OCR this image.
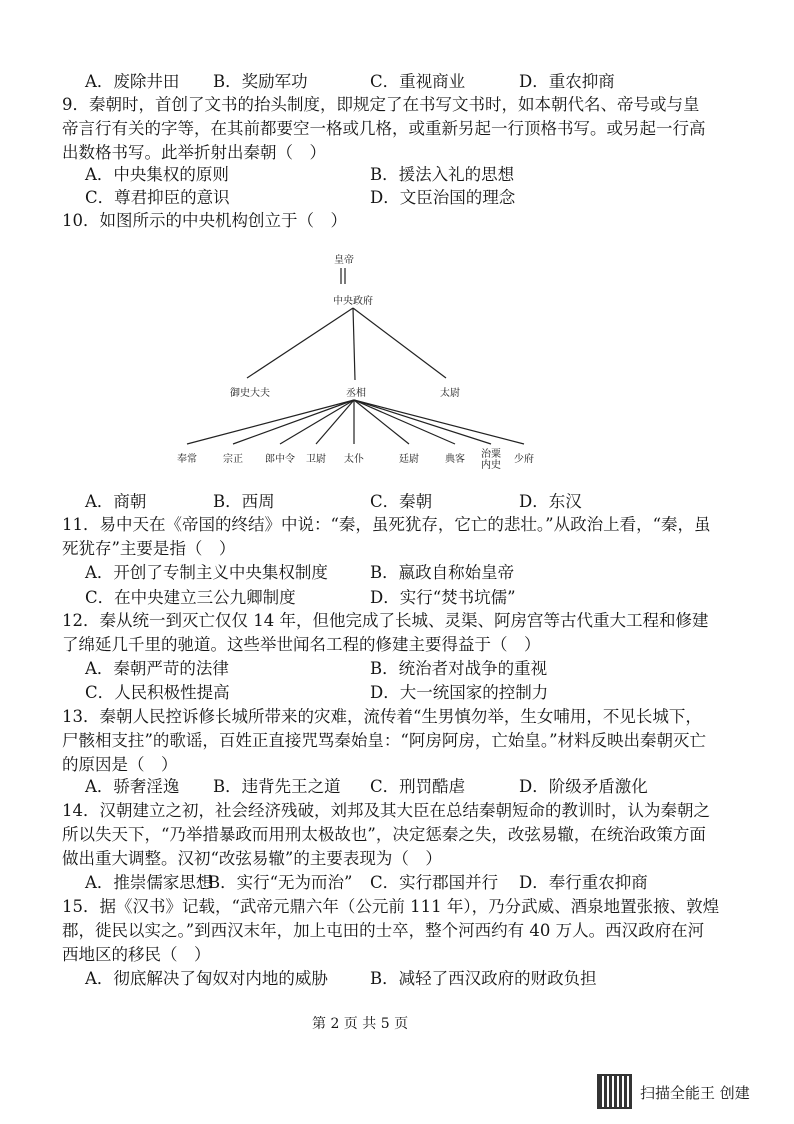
A．废除井田 B．奖励军功	C．重视商业	D．重农抑商
9．秦朝时，首创了文书的抬头制度，即规定了在书写文书时，如本朝代名、帝号或与皇
帝言行有关的字等，在其前都要空一格或几格，或重新另起一行顶格书写。或另起一行高
出数格书写。此举折射出秦朝（　）
A．中央集权的原则	B．援法入礼的思想
C．尊君抑臣的意识	D．文臣治国的理念
10．如图所示的中央机构创立于（　）
皇帝
中央政府
御史大夫	丞相	太尉
奉常	宗正	郎中令	卫尉	太仆	廷尉	典客	治粟内史
少府
A．商朝	B．西周	C．秦朝	D．东汉
11．易中天在《帝国的终结》中说：“秦，虽死犹存，它亡的悲壮。”从政治上看，“秦，虽
死犹存”主要是指（　）
A．开创了专制主义中央集权制度	B．嬴政自称始皇帝
C．在中央建立三公九卿制度	D．实行“焚书坑儒”
12．秦从统一到灭亡仅仅 14 年，但他完成了长城、灵渠、阿房宫等古代重大工程和修建
了绵延几千里的驰道。这些举世闻名工程的修建主要得益于（　）
A．秦朝严苛的法律	B．统治者对战争的重视
C．人民积极性提高	D．大一统国家的控制力
13．秦朝人民控诉修长城所带来的灾难，流传着“生男慎勿举，生女哺用，不见长城下，
尸骸相支拄”的歌谣，百姓正直接咒骂秦始皇：“阿房阿房，亡始皇。”材料反映出秦朝灭亡
的原因是（　）
A．骄奢淫逸 B．违背先王之道 C．刑罚酷虐	D．阶级矛盾激化
14．汉朝建立之初，社会经济残破，刘邦及其大臣在总结秦朝短命的教训时，认为秦朝之
所以失天下，“乃举措暴政而用刑太极故也”，决定惩秦之失，改弦易辙，在统治政策方面
做出重大调整。汉初“改弦易辙”的主要表现为（　）
A．推崇儒家思想
B．实行“无为而治” C．实行郡国并行 D．奉行重农抑商
15．据《汉书》记载，“武帝元鼎六年（公元前 111 年），乃分武威、酒泉地置张掖、敦煌
郡，徙民以实之。”到西汉末年，加上屯田的士卒，整个河西约有 40 万人。西汉政府在河
西地区的移民（　）
A．彻底解决了匈奴对内地的威胁	B．减轻了西汉政府的财政负担
第 2 页 共 5 页
扫描全能王 创建
